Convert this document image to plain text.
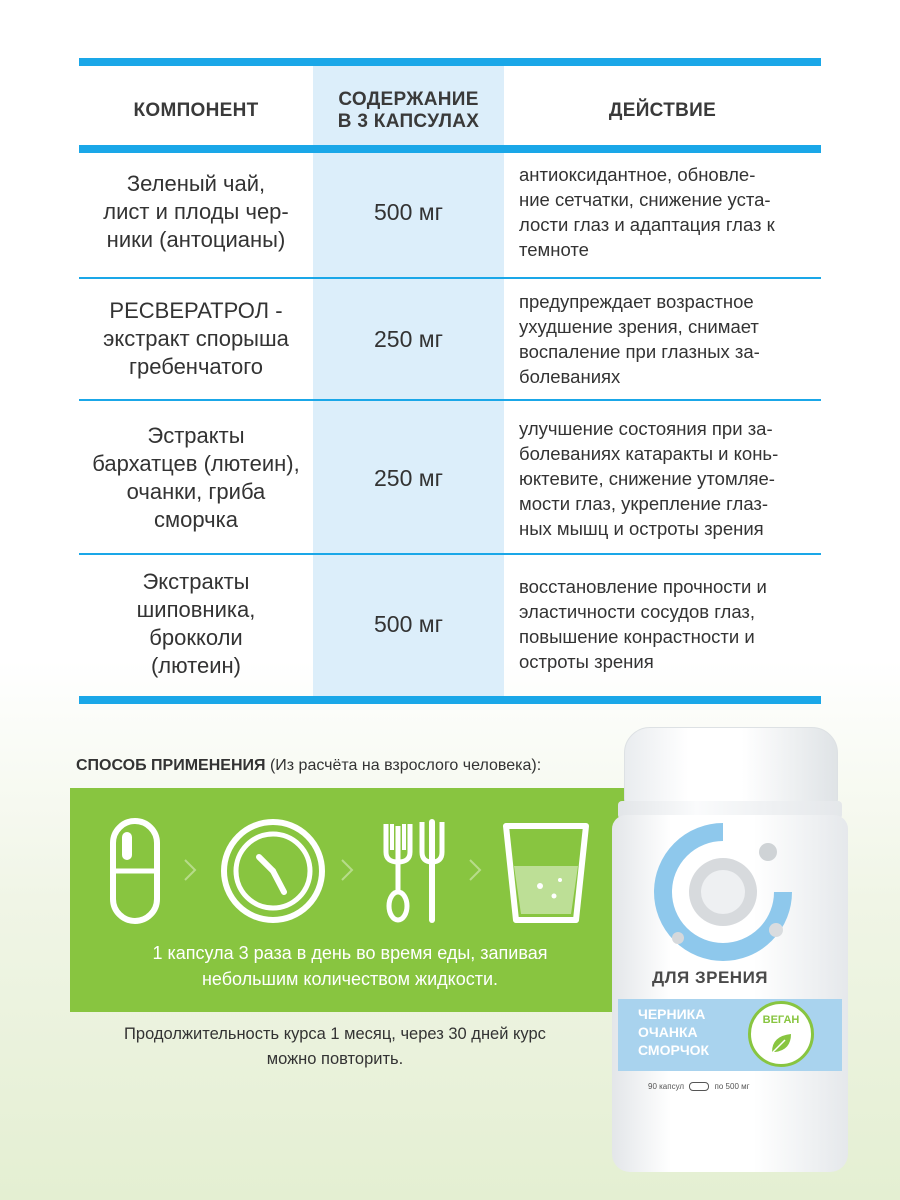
КОМПОНЕНТ
СОДЕРЖАНИЕ
В 3 КАПСУЛАХ
ДЕЙСТВИЕ
Зеленый чай,
лист и плоды чер-
ники (антоцианы)
500 мг
антиоксидантное, обновле-
ние сетчатки, снижение уста-
лости глаз и адаптация глаз к
темноте
РЕСВЕРАТРОЛ -
экстракт спорыша
гребенчатого
250 мг
предупреждает возрастное
ухудшение зрения, снимает
воспаление при глазных за-
болеваниях
Эстракты
бархатцев (лютеин),
очанки, гриба
сморчка
250 мг
улучшение состояния при за-
болеваниях катаракты и конь-
юктевите, снижение утомляе-
мости глаз, укрепление глаз-
ных мышц и остроты зрения
Экстракты
шиповника,
брокколи
(лютеин)
500 мг
восстановление прочности и
эластичности сосудов глаз,
повышение конрастности и
остроты зрения
СПОСОБ ПРИМЕНЕНИЯ (Из расчёта на взрослого человека):
1 капсула 3 раза в день во время еды, запивая
небольшим количеством жидкости.
Продолжительность курса 1 месяц, через 30 дней курс
можно повторить.
ДЛЯ ЗРЕНИЯ
ЧЕРНИКА
ОЧАНКА
СМОРЧОК
ВЕГАН
90 капсул	по 500 мг
